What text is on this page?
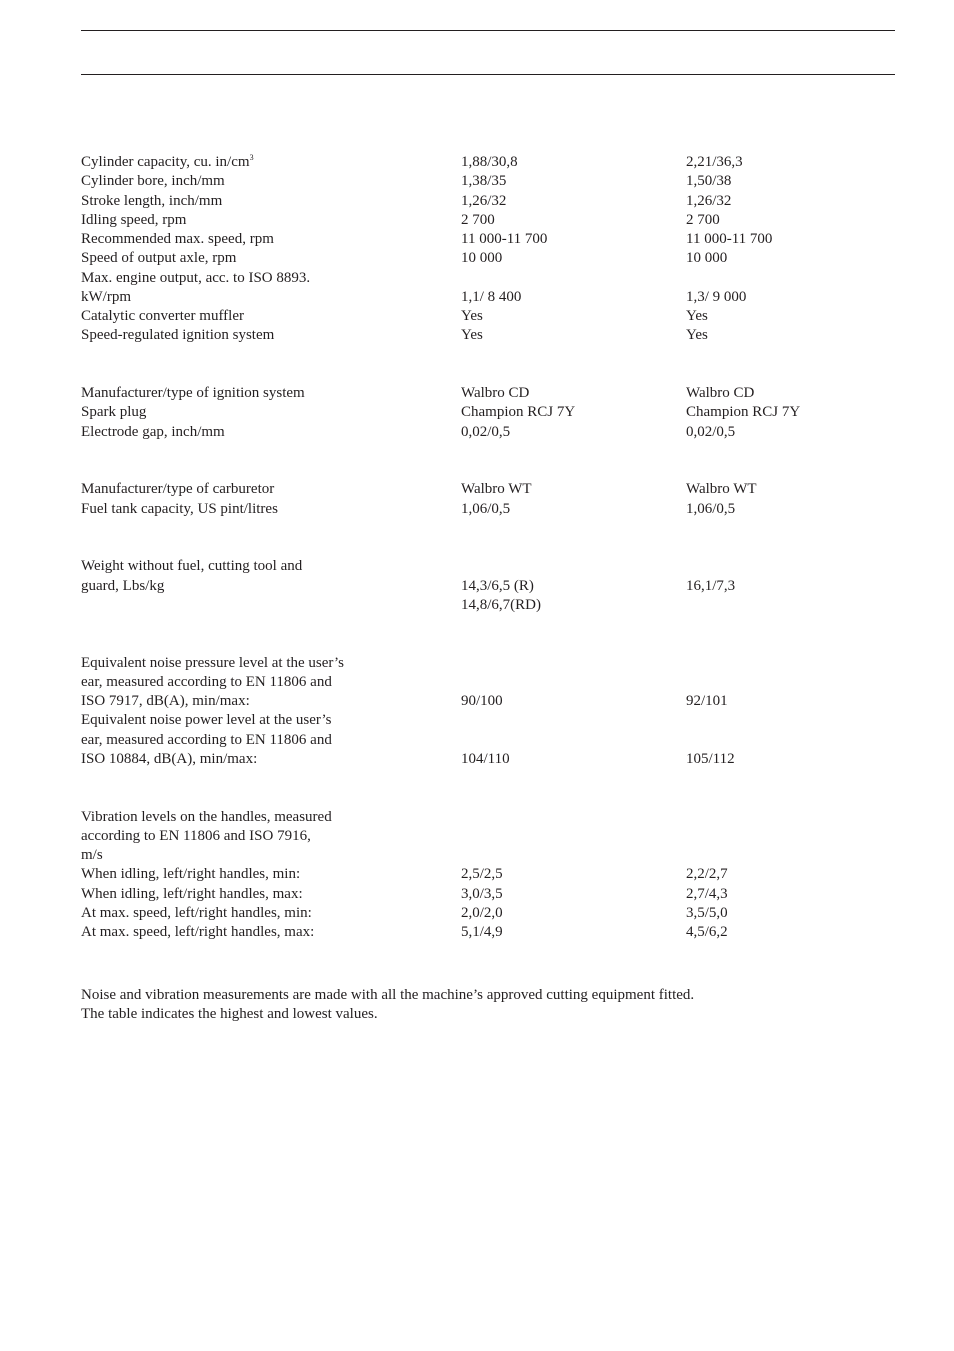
Cylinder capacity, cu. $in/cm^3$	1,88/30,8	2,21/36,3
Cylinder bore, inch/mm	1,38/35	1,50/38
Stroke length, inch/mm	1,26/32	1,26/32
Idling speed, rpm	2 700	2 700
Recommended max. speed, rpm	11 000-11 700	11 000-11 700
Speed of output axle, rpm	10 000	10 000
Max. engine output, acc. to ISO 8893.
kW/rpm	1,1/ 8 400	1,3/ 9 000
Catalytic converter muffler	Yes	Yes
Speed-regulated ignition system	Yes	Yes
Manufacturer/type of ignition system	Walbro CD	Walbro CD
Spark plug	Champion RCJ 7Y	Champion RCJ 7Y
Electrode gap, inch/mm	0,02/0,5	0,02/0,5
Manufacturer/type of carburetor	Walbro WT	Walbro WT
Fuel tank capacity, US pint/litres	1,06/0,5	1,06/0,5
Weight without fuel, cutting tool and
guard, Lbs/kg	14,3/6,5 (R)	16,1/7,3
14,8/6,7(RD)
Equivalent noise pressure level at the user’s
ear, measured according to EN 11806 and
ISO 7917, dB(A), min/max:	90/100	92/101
Equivalent noise power level at the user’s
ear, measured according to EN 11806 and
ISO 10884, dB(A), min/max:	104/110	105/112
Vibration levels on the handles, measured
according to EN 11806 and ISO 7916,
m/s
When idling, left/right handles, min:	2,5/2,5	2,2/2,7
When idling, left/right handles, max:	3,0/3,5	2,7/4,3
At max. speed, left/right handles, min:	2,0/2,0	3,5/5,0
At max. speed, left/right handles, max:	5,1/4,9	4,5/6,2
Noise and vibration measurements are made with all the machine’s approved cutting equipment fitted.
The table indicates the highest and lowest values.
